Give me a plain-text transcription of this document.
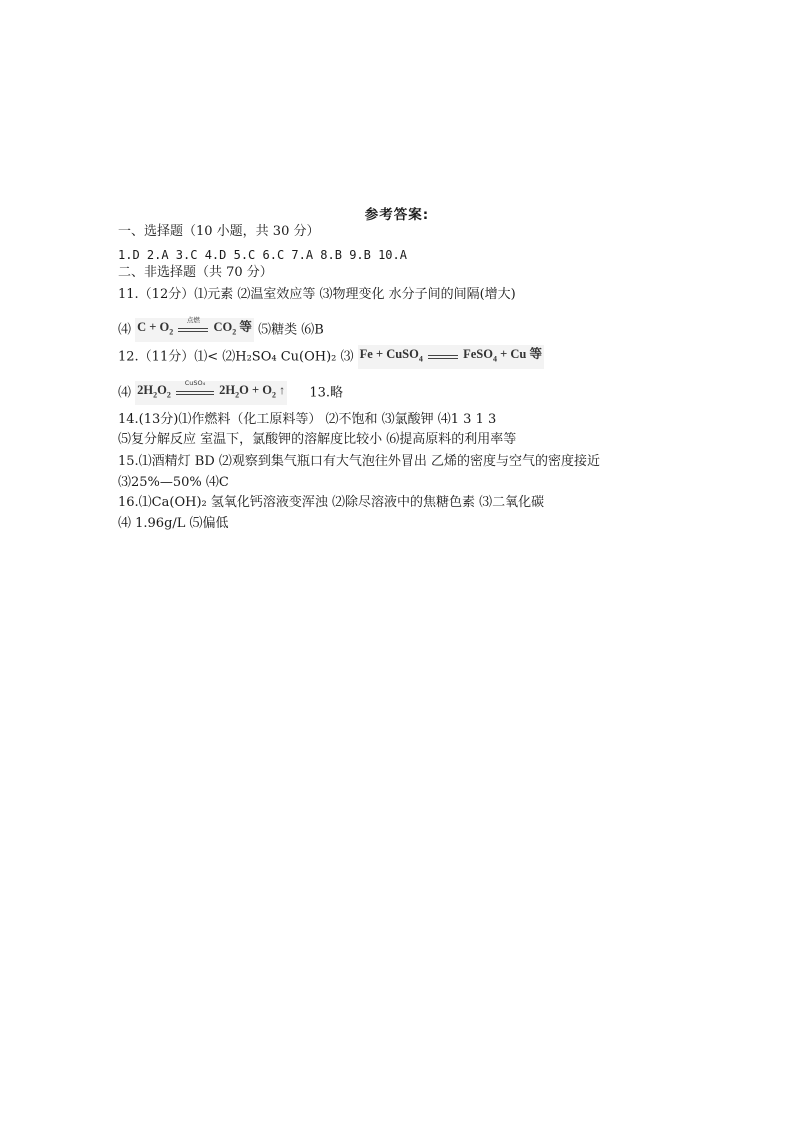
参考答案:
一、选择题（10 小题，共 30 分）
1.D 2.A 3.C 4.D 5.C 6.C 7.A 8.B 9.B 10.A
二、非选择题（共 70 分）
11.（12分）⑴元素 ⑵温室效应等 ⑶物理变化 水分子间的间隔(增大)
⑷ $C + O_2$
点燃	$CO_2$ 等 ⑸糖类 ⑹B
12.（11分）⑴< ⑵H₂SO₄ Cu(OH)₂ ⑶ Fe + CuSO$_4$	FeSO$_4$ + Cu 等
⑷ $2H_2O_2$
CuSO₄	$2H_2O + O_2$ ↑ 13.略
14.(13分)⑴作燃料（化工原料等） ⑵不饱和 ⑶氯酸钾 ⑷1 3 1 3
⑸复分解反应 室温下，氯酸钾的溶解度比较小 ⑹提高原料的利用率等
15.⑴酒精灯 BD ⑵观察到集气瓶口有大气泡往外冒出 乙烯的密度与空气的密度接近
⑶25%—50% ⑷C
16.⑴Ca(OH)₂ 氢氧化钙溶液变浑浊 ⑵除尽溶液中的焦糖色素 ⑶二氧化碳
⑷ 1.96g/L ⑸偏低
